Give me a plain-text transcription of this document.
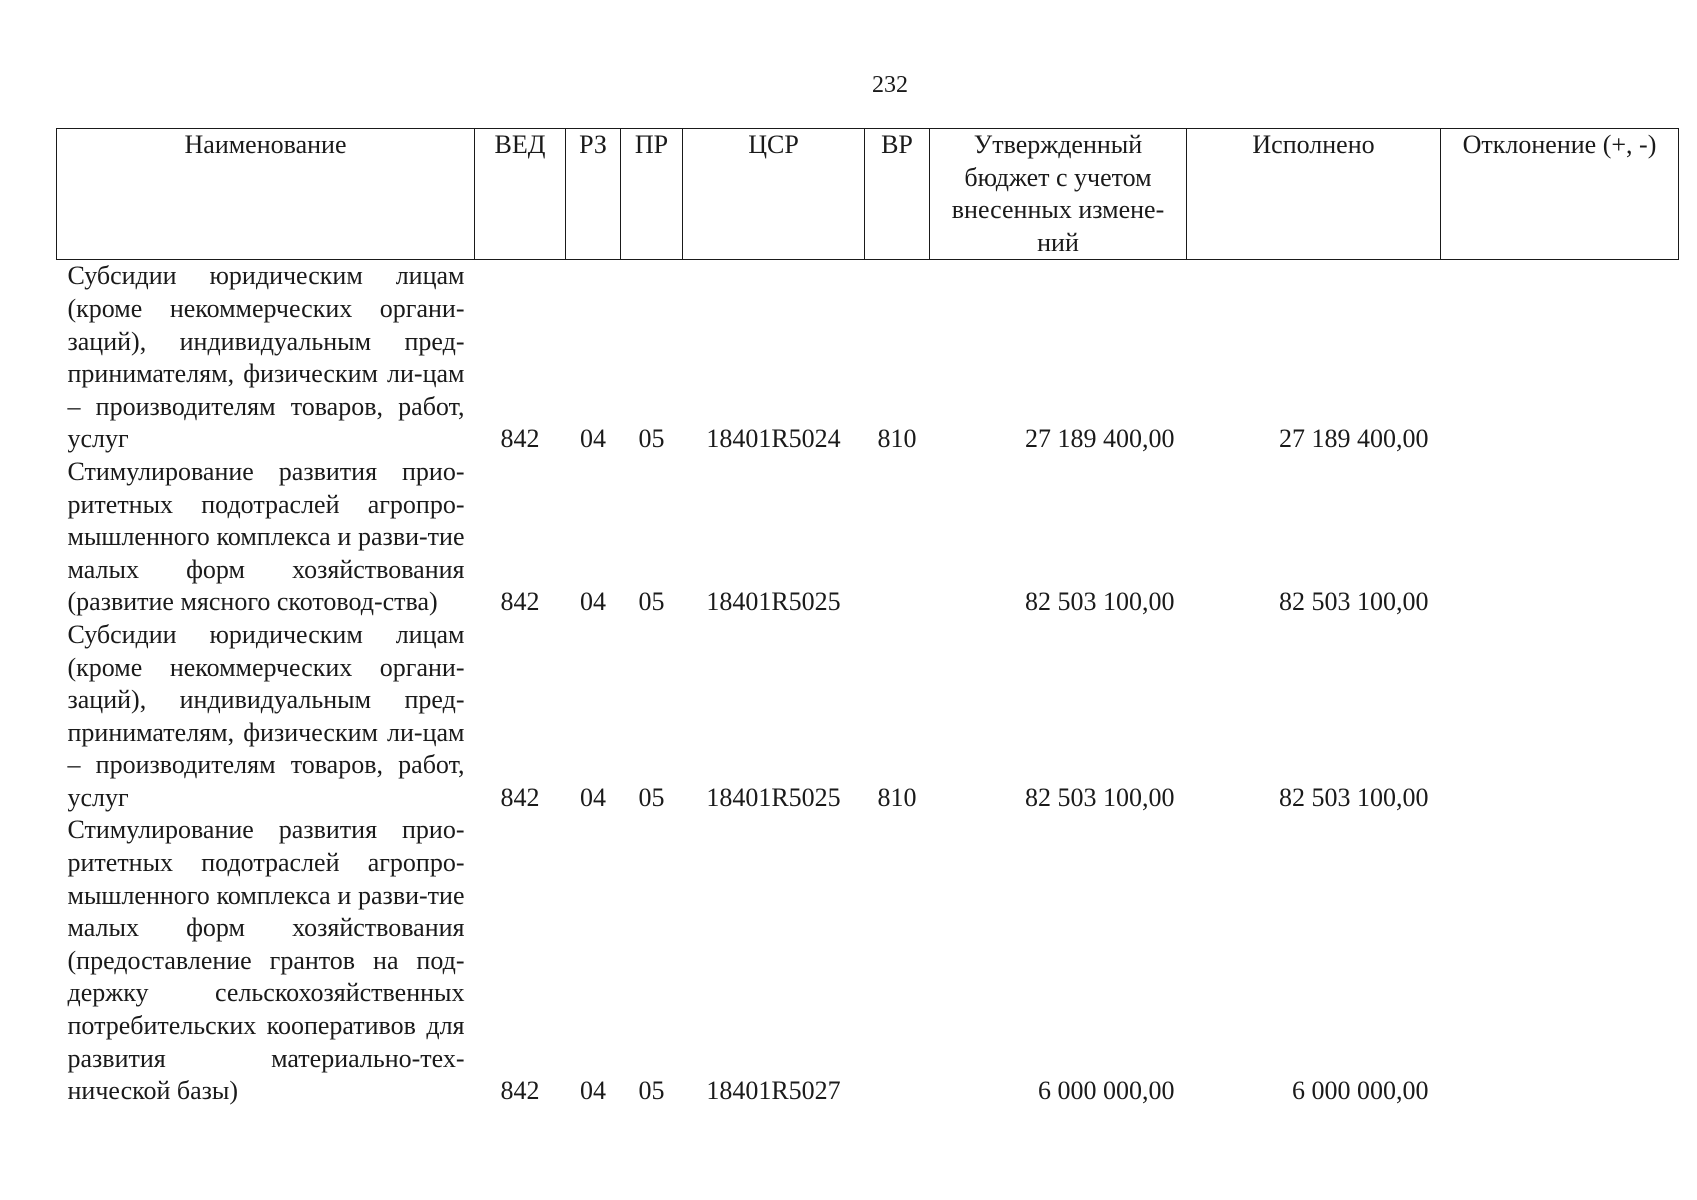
232
Наименование	ВЕД	РЗ	ПР	ЦСР	ВР	Утвержденный бюджет с учетом внесенных измене-ний	Исполнено	Отклонение (+, -)
Субсидии юридическим лицам (кроме некоммерческих органи-заций), индивидуальным пред-принимателям, физическим ли-цам – производителям товаров, работ, услуг	842	04	05	18401R5024	810	27 189 400,00	27 189 400,00	
Стимулирование развития прио-ритетных подотраслей агропро-мышленного комплекса и разви-тие малых форм хозяйствования (развитие мясного скотовод-ства)	842	04	05	18401R5025		82 503 100,00	82 503 100,00	
Субсидии юридическим лицам (кроме некоммерческих органи-заций), индивидуальным пред-принимателям, физическим ли-цам – производителям товаров, работ, услуг	842	04	05	18401R5025	810	82 503 100,00	82 503 100,00	
Стимулирование развития прио-ритетных подотраслей агропро-мышленного комплекса и разви-тие малых форм хозяйствования (предоставление грантов на под-держку сельскохозяйственных потребительских кооперативов для развития материально-тех-нической базы)	842	04	05	18401R5027		6 000 000,00	6 000 000,00	
